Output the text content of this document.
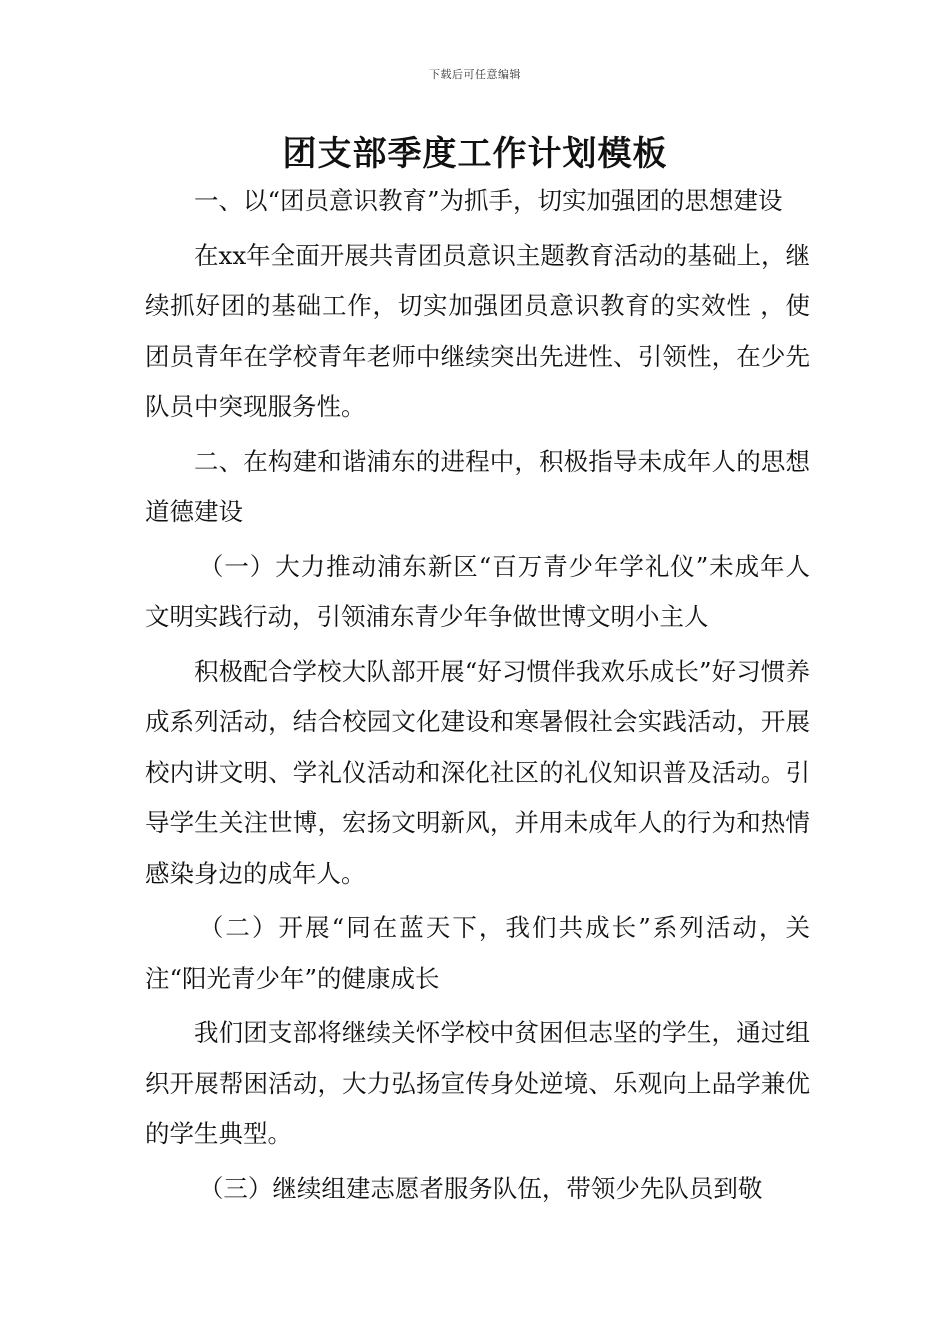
下载后可任意编辑
团支部季度工作计划模板

一、以“团员意识教育”为抓手，切实加强团的思想建设

在xx年全面开展共青团员意识主题教育活动的基础上，继续抓好团的基础工作，切实加强团员意识教育的实效性 ，使团员青年在学校青年老师中继续突出先进性、引领性，在少先队员中突现服务性。

二、在构建和谐浦东的进程中，积极指导未成年人的思想道德建设

（一）大力推动浦东新区“百万青少年学礼仪”未成年人文明实践行动，引领浦东青少年争做世博文明小主人

积极配合学校大队部开展“好习惯伴我欢乐成长”好习惯养成系列活动，结合校园文化建设和寒暑假社会实践活动，开展校内讲文明、学礼仪活动和深化社区的礼仪知识普及活动。引导学生关注世博，宏扬文明新风，并用未成年人的行为和热情感染身边的成年人。

（二）开展“同在蓝天下，我们共成长”系列活动，关注“阳光青少年”的健康成长

我们团支部将继续关怀学校中贫困但志坚的学生，通过组织开展帮困活动，大力弘扬宣传身处逆境、乐观向上品学兼优的学生典型。

（三）继续组建志愿者服务队伍，带领少先队员到敬
